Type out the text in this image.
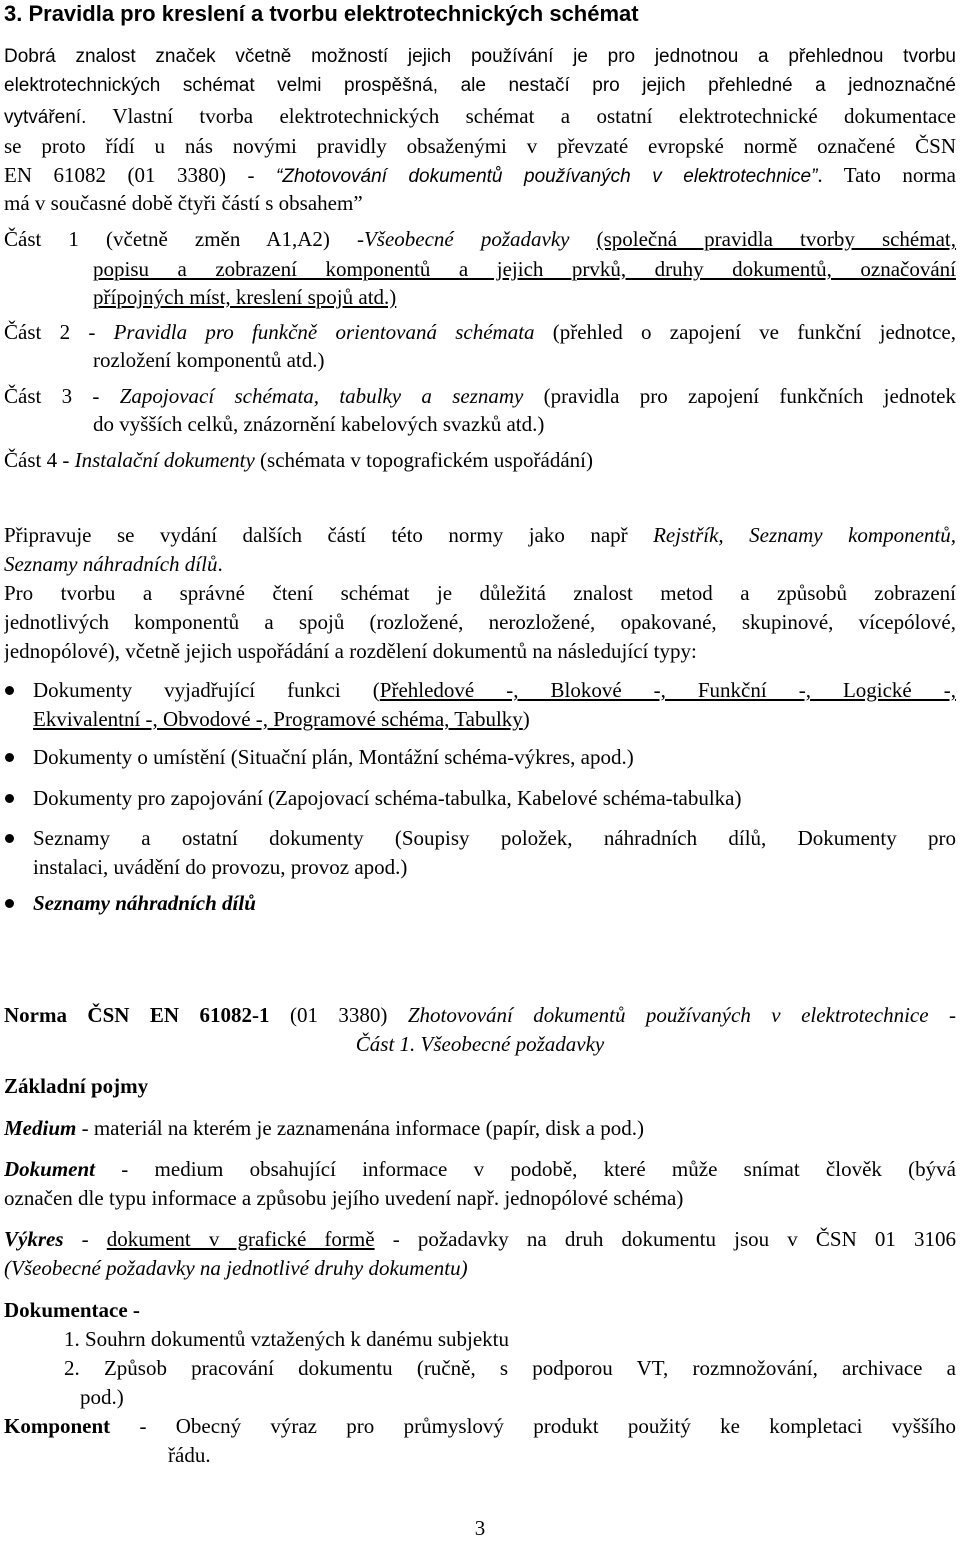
3. Pravidla pro kreslení a tvorbu elektrotechnických schémat
Dobrá znalost značek včetně možností jejich používání je pro jednotnou a přehlednou tvorbu
elektrotechnických schémat velmi prospěšná, ale nestačí pro jejich přehledné a jednoznačné
vytváření. Vlastní tvorba elektrotechnických schémat a ostatní elektrotechnické dokumentace
se proto řídí u nás novými pravidly obsaženými v převzaté evropské normě označené ČSN
EN 61082 (01 3380) - “Zhotovování dokumentů používaných v elektrotechnice”. Tato norma
má v současné době čtyři částí s obsahem”
Část 1 (včetně změn A1,A2) -Všeobecné požadavky (společná pravidla tvorby schémat,
popisu a zobrazení komponentů a jejich prvků, druhy dokumentů, označování
přípojných míst, kreslení spojů atd.)
Část 2 - Pravidla pro funkčně orientovaná schémata (přehled o zapojení ve funkční jednotce,
rozložení komponentů atd.)
Část 3 - Zapojovací schémata, tabulky a seznamy (pravidla pro zapojení funkčních jednotek
do vyšších celků, znázornění kabelových svazků atd.)
Část 4 - Instalační dokumenty (schémata v topografickém uspořádání)
Připravuje se vydání dalších částí této normy jako např Rejstřík, Seznamy komponentů,
Seznamy náhradních dílů.
Pro tvorbu a správné čtení schémat je důležitá znalost metod a způsobů zobrazení
jednotlivých komponentů a spojů (rozložené, nerozložené, opakované, skupinové, vícepólové,
jednopólové), včetně jejich uspořádání a rozdělení dokumentů na následující typy:
Dokumenty vyjadřující funkci (Přehledové -, Blokové -, Funkční -, Logické -,
Ekvivalentní -, Obvodové -, Programové schéma, Tabulky)
Dokumenty o umístění (Situační plán, Montážní schéma-výkres, apod.)
Dokumenty pro zapojování (Zapojovací schéma-tabulka, Kabelové schéma-tabulka)
Seznamy a ostatní dokumenty (Soupisy položek, náhradních dílů, Dokumenty pro
instalaci, uvádění do provozu, provoz apod.)
Seznamy náhradních dílů
Norma ČSN EN 61082-1 (01 3380) Zhotovování dokumentů používaných v elektrotechnice -
Část 1. Všeobecné požadavky
Základní pojmy
Medium - materiál na kterém je zaznamenána informace (papír, disk a pod.)
Dokument - medium obsahující informace v podobě, které může snímat člověk (bývá
označen dle typu informace a způsobu jejího uvedení např. jednopólové schéma)
Výkres - dokument v grafické formě - požadavky na druh dokumentu jsou v ČSN 01 3106
(Všeobecné požadavky na jednotlivé druhy dokumentu)
Dokumentace -
1. Souhrn dokumentů vztažených k danému subjektu
2. Způsob pracování dokumentu (ručně, s podporou VT, rozmnožování, archivace a
pod.)
Komponent - Obecný výraz pro průmyslový produkt použitý ke kompletaci vyššího
řádu.
3
